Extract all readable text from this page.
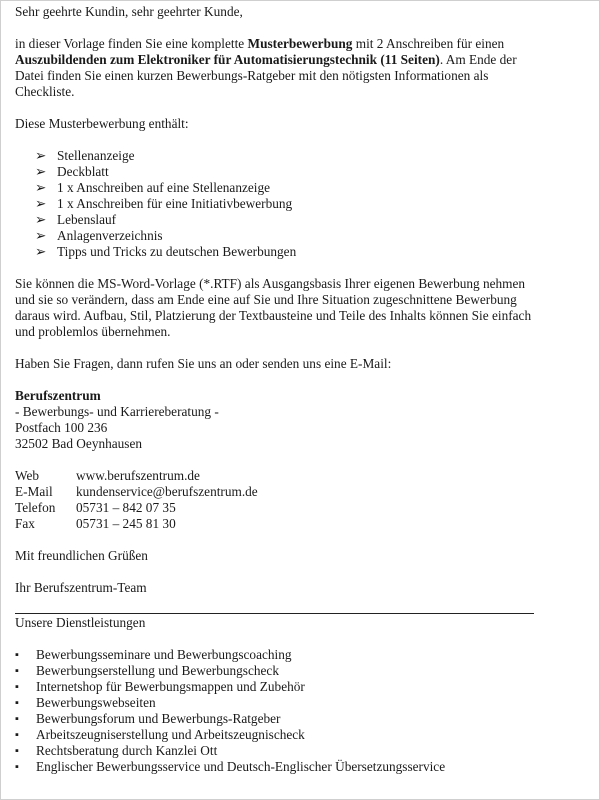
Sehr geehrte Kundin, sehr geehrter Kunde,

in dieser Vorlage finden Sie eine komplette Musterbewerbung mit 2 Anschreiben für einen Auszubildenden zum Elektroniker für Automatisierungstechnik (11 Seiten). Am Ende der Datei finden Sie einen kurzen Bewerbungs-Ratgeber mit den nötigsten Informationen als Checkliste.

Diese Musterbewerbung enthält:

➢ Stellenanzeige
➢ Deckblatt
➢ 1 x Anschreiben auf eine Stellenanzeige
➢ 1 x Anschreiben für eine Initiativbewerbung
➢ Lebenslauf
➢ Anlagenverzeichnis
➢ Tipps und Tricks zu deutschen Bewerbungen

Sie können die MS-Word-Vorlage (*.RTF) als Ausgangsbasis Ihrer eigenen Bewerbung nehmen und sie so verändern, dass am Ende eine auf Sie und Ihre Situation zugeschnittene Bewerbung daraus wird. Aufbau, Stil, Platzierung der Textbausteine und Teile des Inhalts können Sie einfach und problemlos übernehmen.

Haben Sie Fragen, dann rufen Sie uns an oder senden uns eine E-Mail:

Berufszentrum

- Bewerbungs- und Karriereberatung -

Postfach 100 236

32502 Bad Oeynhausen

Web	www.berufszentrum.de
E-Mail	kundenservice@berufszentrum.de
Telefon	05731 – 842 07 35
Fax	05731 – 245 81 30

Mit freundlichen Grüßen

Ihr Berufszentrum-Team

Unsere Dienstleistungen

▪ Bewerbungsseminare und Bewerbungscoaching
▪ Bewerbungserstellung und Bewerbungscheck
▪ Internetshop für Bewerbungsmappen und Zubehör
▪ Bewerbungswebseiten
▪ Bewerbungsforum und Bewerbungs-Ratgeber
▪ Arbeitszeugniserstellung und Arbeitszeugnischeck
▪ Rechtsberatung durch Kanzlei Ott
▪ Englischer Bewerbungsservice und Deutsch-Englischer Übersetzungsservice
